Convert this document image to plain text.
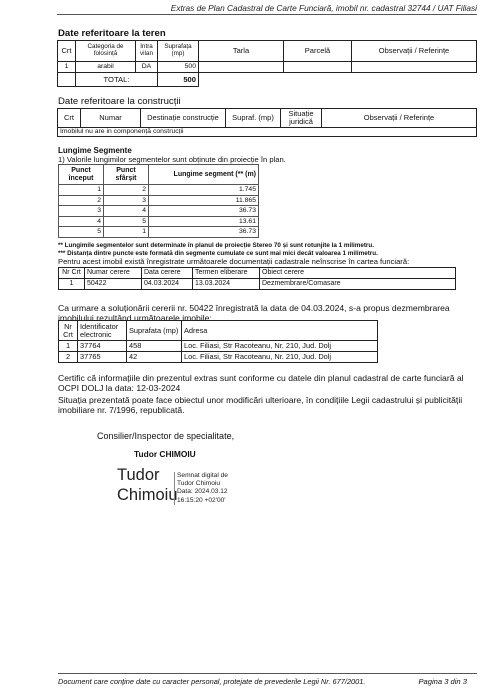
Extras de Plan Cadastral de Carte Funciară, imobil nr. cadastral 32744 / UAT Filiasi
Date referitoare la teren
Crt	Categoria de folosință	Intra vilan	Suprafața (mp)	Tarla	Parcelă	Observații / Referințe
1	arabil	DA	500			
	TOTAL:		500			
Date referitoare la construcții
Crt	Numar	Destinație construcție	Supraf. (mp)	Situație juridică	Observații / Referințe
Imobilul nu are in componență construcții
Lungime Segmente
1) Valorile lungimilor segmentelor sunt obținute din proiecție în plan.
Punct început	Punct sfârșit	Lungime segment (** (m)
1	2	1.745
2	3	11.865
3	4	36.73
4	5	13.61
5	1	36.73
** Lungimile segmentelor sunt determinate în planul de proiecție Stereo 70 și sunt rotunjite la 1 milimetru.
*** Distanța dintre puncte este formată din segmente cumulate ce sunt mai mici decât valoarea 1 milimetru.
Pentru acest imobil există înregistrate următoarele documentații cadastrale neînscrise în cartea funciară:
Nr Crt	Numar cerere	Data cerere	Termen eliberare	Obiect cerere
1	50422	04.03.2024	13.03.2024	Dezmembrare/Comasare
Ca urmare a soluționării cererii nr. 50422 înregistrată la data de 04.03.2024, s-a propus dezmembrarea imobilului rezultând următoarele imobile:
Nr Crt	Identificator electronic	Suprafata (mp)	Adresa
1	37764	458	Loc. Filiasi, Str Racoteanu, Nr. 210, Jud. Dolj
2	37765	42	Loc. Filiasi, Str Racoteanu, Nr. 210, Jud. Dolj
Certific că informațiile din prezentul extras sunt conforme cu datele din planul cadastral de carte funciară al OCPI DOLJ la data: 12-03-2024
Situația prezentată poate face obiectul unor modificări ulterioare, în condițiile Legii cadastrului și publicității imobiliare nr. 7/1996, republicată.
Consilier/Inspector de specialitate,
Tudor CHIMOIU
Tudor
Chimoiu
Semnat digital de
Tudor Chimoiu
Data: 2024.03.12
16:15:20 +02'00'
Document care conține date cu caracter personal, protejate de prevederile Legii Nr. 677/2001.	Pagina 3 din 3
